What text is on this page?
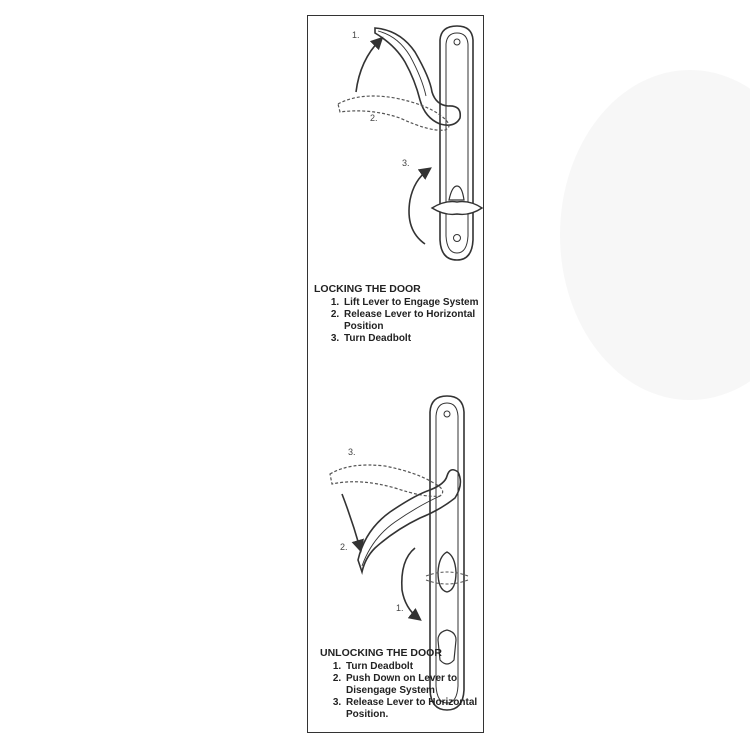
1.
2.
3.
3.
2.
1.
LOCKING THE DOOR
1. Lift Lever to Engage System
2. Release Lever to Horizontal Position
3. Turn Deadbolt
UNLOCKING THE DOOR
1. Turn Deadbolt
2. Push Down on Lever to Disengage System
3. Release Lever to Horizontal Position.
